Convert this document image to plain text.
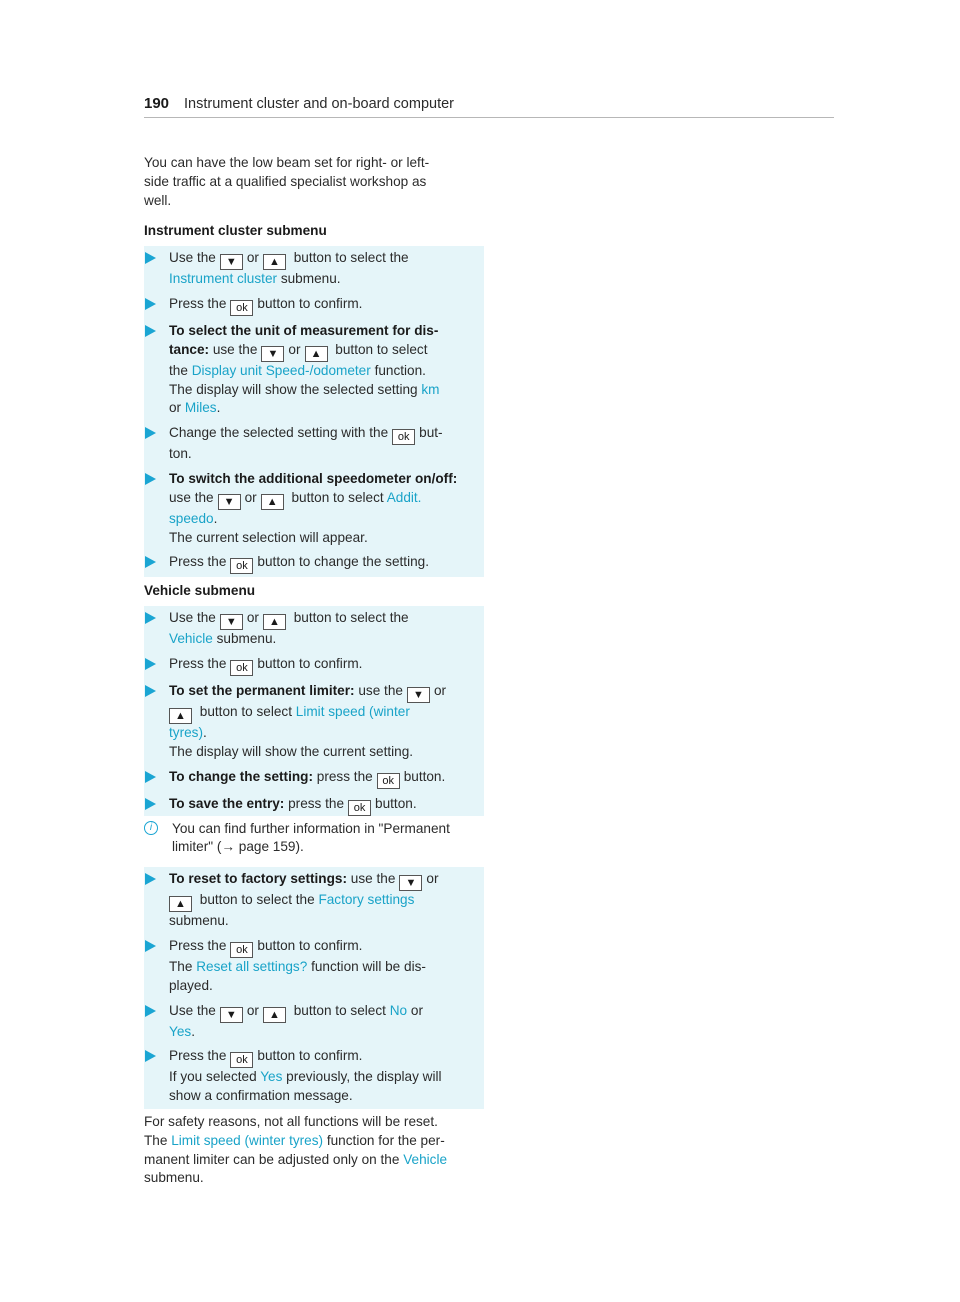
190 Instrument cluster and on-board computer

You can have the low beam set for right- or left-side traffic at a qualified specialist workshop as well.

Instrument cluster submenu

Use the ▼ or ▲ button to select the
Instrument cluster submenu.
Press the ok button to confirm.
To select the unit of measurement for dis-
tance: use the ▼ or ▲ button to select
the Display unit Speed-/odometer function.
The display will show the selected setting km
or Miles.
Change the selected setting with the ok but-
ton.
To switch the additional speedometer on/off:
use the ▼ or ▲ button to select Addit.
speedo.
The current selection will appear.
Press the ok button to change the setting.

Vehicle submenu

Use the ▼ or ▲ button to select the
Vehicle submenu.
Press the ok button to confirm.
To set the permanent limiter: use the ▼ or
▲ button to select Limit speed (winter
tyres).
The display will show the current setting.
To change the setting: press the ok button.
To save the entry: press the ok button.
i	You can find further information in "Permanent
limiter" (→ page 159).
To reset to factory settings: use the ▼ or
▲ button to select the Factory settings
submenu.
Press the ok button to confirm.
The Reset all settings? function will be dis-
played.
Use the ▼ or ▲ button to select No or
Yes.
Press the ok button to confirm.
If you selected Yes previously, the display will
show a confirmation message.

For safety reasons, not all functions will be reset.
The Limit speed (winter tyres) function for the per-
manent limiter can be adjusted only on the Vehicle
submenu.
